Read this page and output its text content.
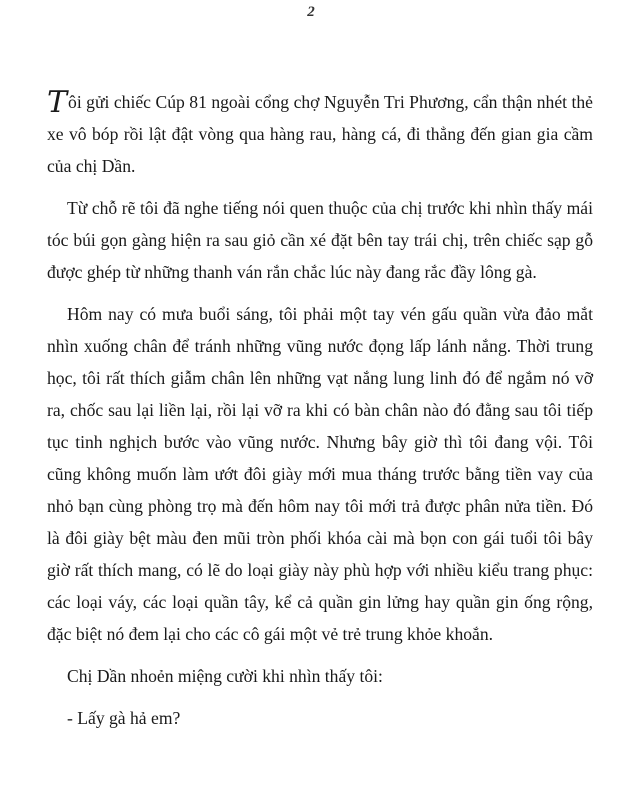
2

Tôi gửi chiếc Cúp 81 ngoài cổng chợ Nguyễn Tri Phương, cẩn thận nhét thẻ xe vô bóp rồi lật đật vòng qua hàng rau, hàng cá, đi thẳng đến gian gia cầm của chị Dần.

Từ chỗ rẽ tôi đã nghe tiếng nói quen thuộc của chị trước khi nhìn thấy mái tóc búi gọn gàng hiện ra sau giỏ cần xé đặt bên tay trái chị, trên chiếc sạp gỗ được ghép từ những thanh ván rắn chắc lúc này đang rắc đầy lông gà.

Hôm nay có mưa buổi sáng, tôi phải một tay vén gấu quần vừa đảo mắt nhìn xuống chân để tránh những vũng nước đọng lấp lánh nắng. Thời trung học, tôi rất thích giẫm chân lên những vạt nắng lung linh đó để ngắm nó vỡ ra, chốc sau lại liền lại, rồi lại vỡ ra khi có bàn chân nào đó đằng sau tôi tiếp tục tinh nghịch bước vào vũng nước. Nhưng bây giờ thì tôi đang vội. Tôi cũng không muốn làm ướt đôi giày mới mua tháng trước bằng tiền vay của nhỏ bạn cùng phòng trọ mà đến hôm nay tôi mới trả được phân nửa tiền. Đó là đôi giày bệt màu đen mũi tròn phối khóa cài mà bọn con gái tuổi tôi bây giờ rất thích mang, có lẽ do loại giày này phù hợp với nhiều kiểu trang phục: các loại váy, các loại quần tây, kể cả quần gin lửng hay quần gin ống rộng, đặc biệt nó đem lại cho các cô gái một vẻ trẻ trung khỏe khoắn.

Chị Dần nhoẻn miệng cười khi nhìn thấy tôi:

- Lấy gà hả em?
